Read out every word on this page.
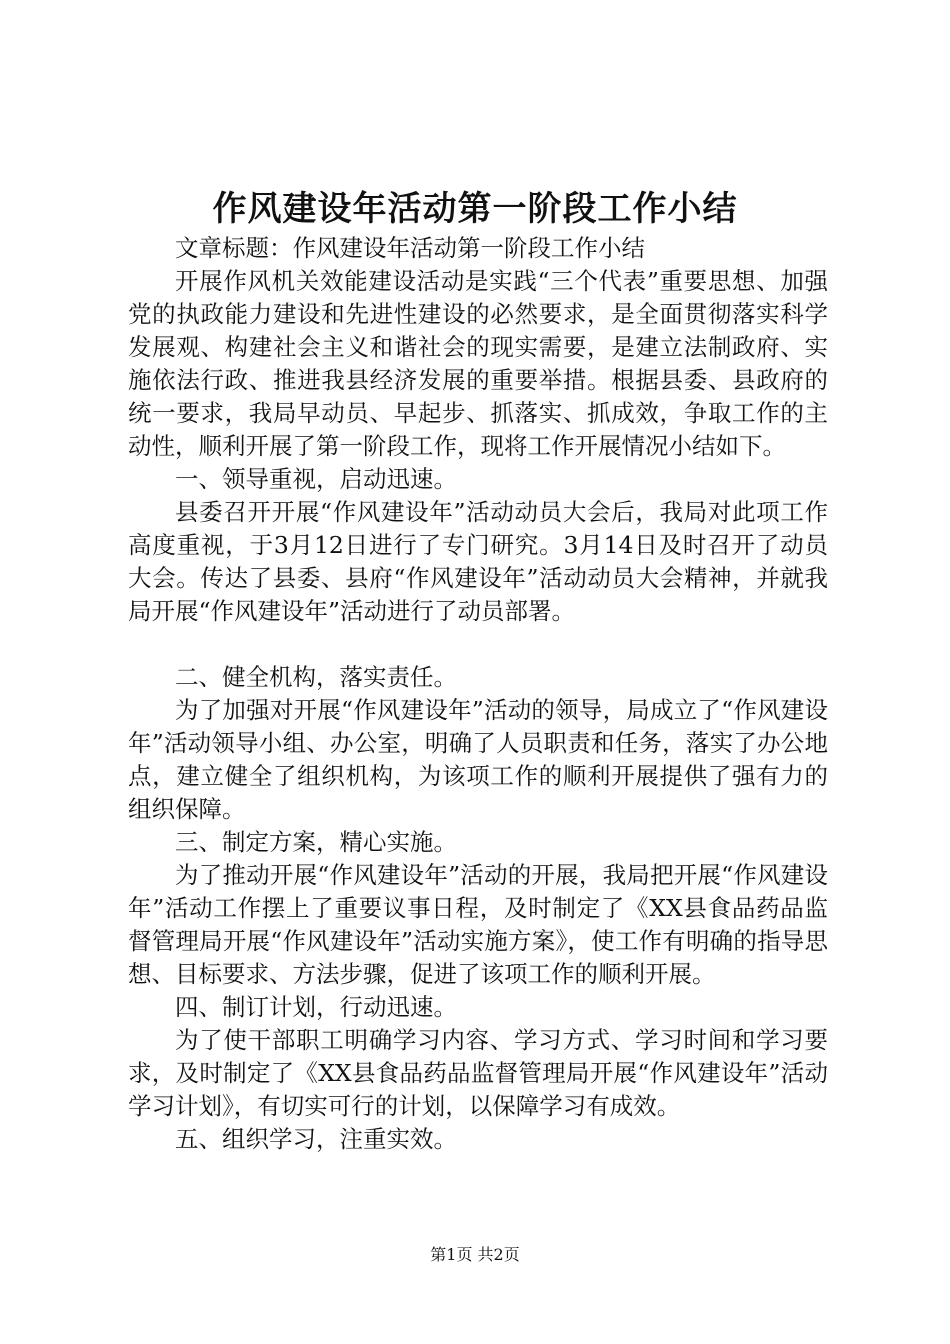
作风建设年活动第一阶段工作小结

文章标题：作风建设年活动第一阶段工作小结

开展作风机关效能建设活动是实践“三个代表”重要思想、加强党的执政能力建设和先进性建设的必然要求，是全面贯彻落实科学发展观、构建社会主义和谐社会的现实需要，是建立法制政府、实施依法行政、推进我县经济发展的重要举措。根据县委、县政府的统一要求，我局早动员、早起步、抓落实、抓成效，争取工作的主动性，顺利开展了第一阶段工作，现将工作开展情况小结如下。

一、领导重视，启动迅速。

县委召开开展“作风建设年”活动动员大会后，我局对此项工作高度重视，于3月12日进行了专门研究。3月14日及时召开了动员大会。传达了县委、县府“作风建设年”活动动员大会精神，并就我局开展“作风建设年”活动进行了动员部署。

二、健全机构，落实责任。

为了加强对开展“作风建设年”活动的领导，局成立了“作风建设年”活动领导小组、办公室，明确了人员职责和任务，落实了办公地点，建立健全了组织机构，为该项工作的顺利开展提供了强有力的组织保障。

三、制定方案，精心实施。

为了推动开展“作风建设年”活动的开展，我局把开展“作风建设年”活动工作摆上了重要议事日程，及时制定了《XX县食品药品监督管理局开展“作风建设年”活动实施方案》，使工作有明确的指导思想、目标要求、方法步骤，促进了该项工作的顺利开展。

四、制订计划，行动迅速。

为了使干部职工明确学习内容、学习方式、学习时间和学习要求，及时制定了《XX县食品药品监督管理局开展“作风建设年”活动学习计划》，有切实可行的计划，以保障学习有成效。

五、组织学习，注重实效。

第1页 共2页
